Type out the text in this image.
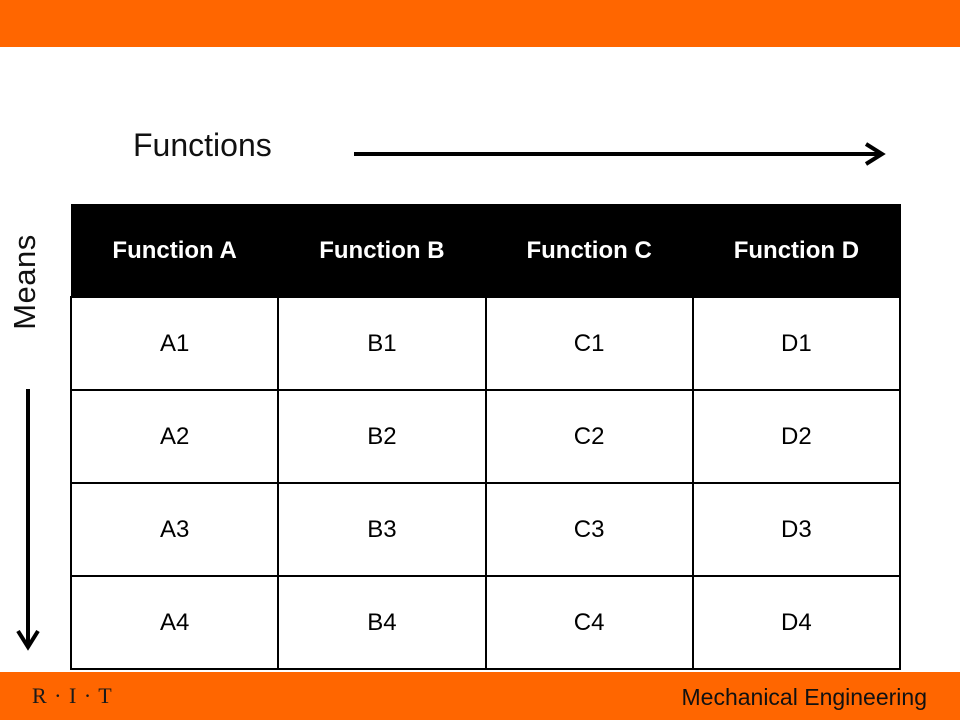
Functions
Means	Function A	Function B	Function C	Function D
A1	B1	C1	D1
A2	B2	C2	D2
A3	B3	C3	D3
A4	B4	C4	D4
R · I · T	Mechanical Engineering
